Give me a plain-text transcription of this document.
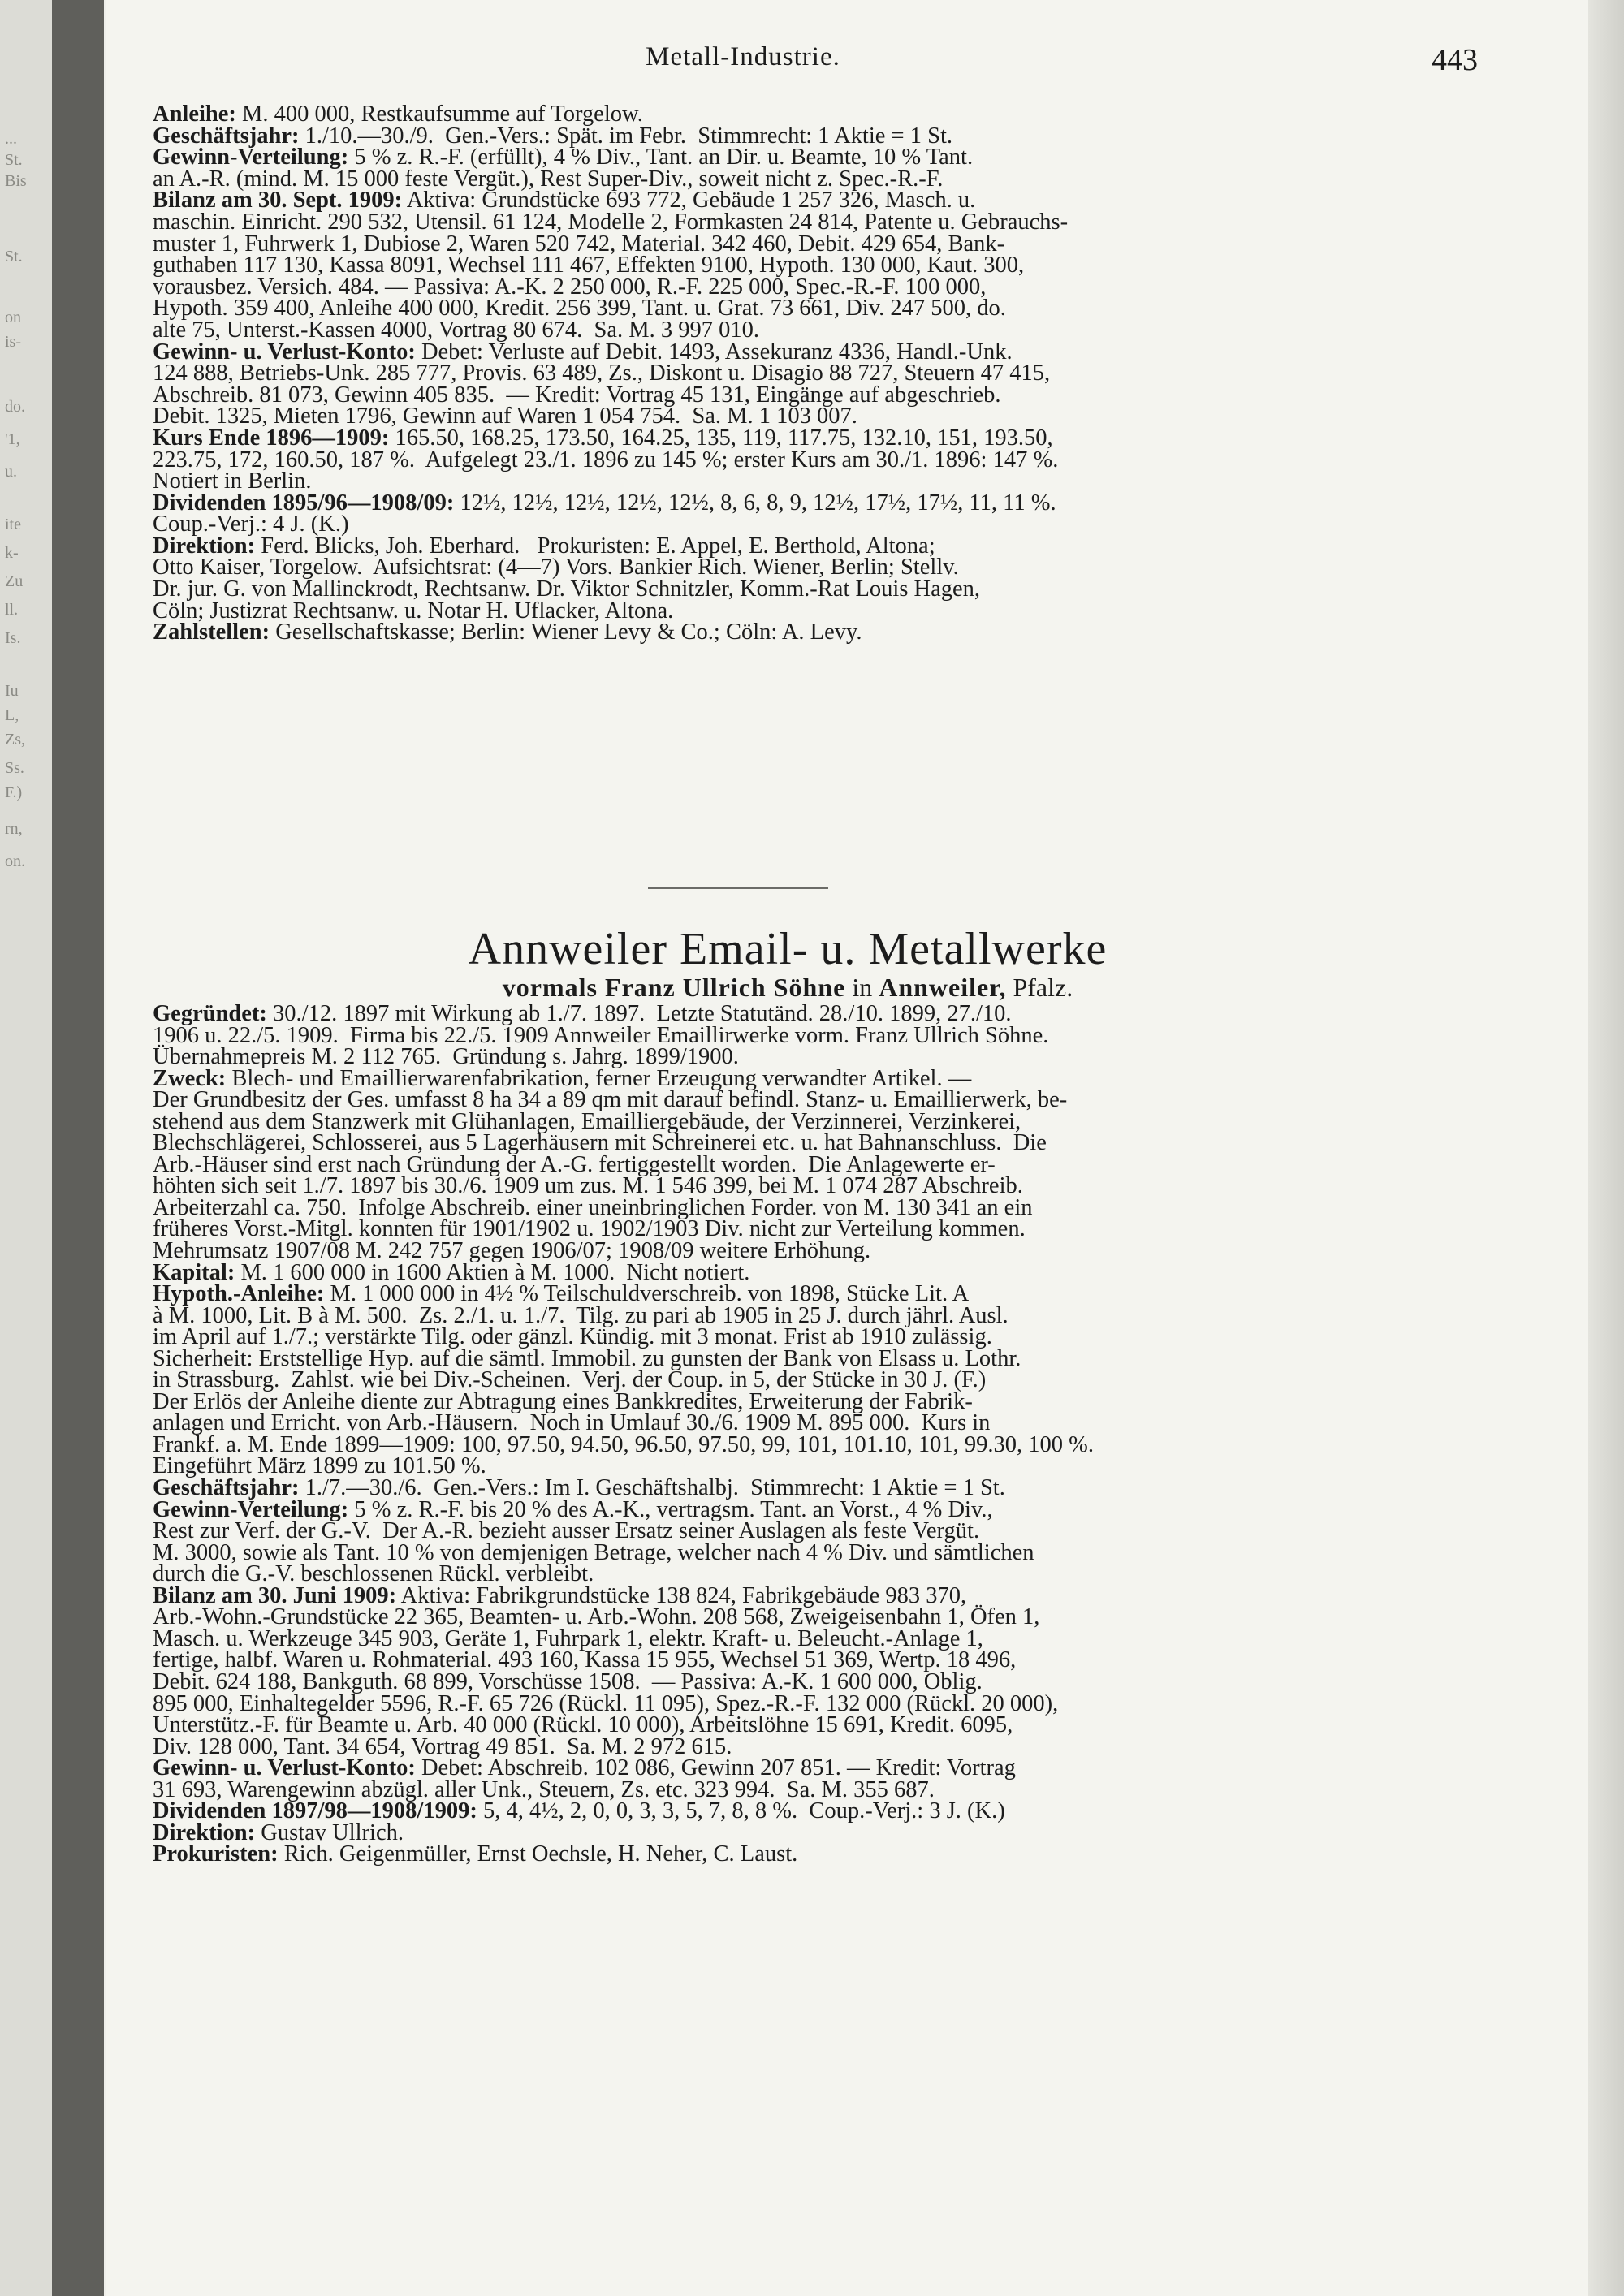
...
St.
Bis
St.
on
is-
do.
'1,
u.
ite
k-
Zu
ll.
Is.
Iu
L,
Zs,
Ss.
F.)
rn,
on.
Metall-Industrie.	443
Anleihe: M. 400 000, Restkaufsumme auf Torgelow.
Geschäftsjahr: 1./10.—30./9.  Gen.-Vers.: Spät. im Febr.  Stimmrecht: 1 Aktie = 1 St.
Gewinn-Verteilung: 5 % z. R.-F. (erfüllt), 4 % Div., Tant. an Dir. u. Beamte, 10 % Tant.
an A.-R. (mind. M. 15 000 feste Vergüt.), Rest Super-Div., soweit nicht z. Spec.-R.-F.
Bilanz am 30. Sept. 1909: Aktiva: Grundstücke 693 772, Gebäude 1 257 326, Masch. u.
maschin. Einricht. 290 532, Utensil. 61 124, Modelle 2, Formkasten 24 814, Patente u. Gebrauchs-
muster 1, Fuhrwerk 1, Dubiose 2, Waren 520 742, Material. 342 460, Debit. 429 654, Bank-
guthaben 117 130, Kassa 8091, Wechsel 111 467, Effekten 9100, Hypoth. 130 000, Kaut. 300,
vorausbez. Versich. 484. — Passiva: A.-K. 2 250 000, R.-F. 225 000, Spec.-R.-F. 100 000,
Hypoth. 359 400, Anleihe 400 000, Kredit. 256 399, Tant. u. Grat. 73 661, Div. 247 500, do.
alte 75, Unterst.-Kassen 4000, Vortrag 80 674.  Sa. M. 3 997 010.
Gewinn- u. Verlust-Konto: Debet: Verluste auf Debit. 1493, Assekuranz 4336, Handl.-Unk.
124 888, Betriebs-Unk. 285 777, Provis. 63 489, Zs., Diskont u. Disagio 88 727, Steuern 47 415,
Abschreib. 81 073, Gewinn 405 835.  — Kredit: Vortrag 45 131, Eingänge auf abgeschrieb.
Debit. 1325, Mieten 1796, Gewinn auf Waren 1 054 754.  Sa. M. 1 103 007.
Kurs Ende 1896—1909: 165.50, 168.25, 173.50, 164.25, 135, 119, 117.75, 132.10, 151, 193.50,
223.75, 172, 160.50, 187 %.  Aufgelegt 23./1. 1896 zu 145 %; erster Kurs am 30./1. 1896: 147 %.
Notiert in Berlin.
Dividenden 1895/96—1908/09: 12½, 12½, 12½, 12½, 12½, 8, 6, 8, 9, 12½, 17½, 17½, 11, 11 %.
Coup.-Verj.: 4 J. (K.)
Direktion: Ferd. Blicks, Joh. Eberhard.   Prokuristen: E. Appel, E. Berthold, Altona;
Otto Kaiser, Torgelow.  Aufsichtsrat: (4—7) Vors. Bankier Rich. Wiener, Berlin; Stellv.
Dr. jur. G. von Mallinckrodt, Rechtsanw. Dr. Viktor Schnitzler, Komm.-Rat Louis Hagen,
Cöln; Justizrat Rechtsanw. u. Notar H. Uflacker, Altona.
Zahlstellen: Gesellschaftskasse; Berlin: Wiener Levy & Co.; Cöln: A. Levy.
Annweiler Email- u. Metallwerke
vormals Franz Ullrich Söhne in Annweiler, Pfalz.
Gegründet: 30./12. 1897 mit Wirkung ab 1./7. 1897.  Letzte Statutänd. 28./10. 1899, 27./10.
1906 u. 22./5. 1909.  Firma bis 22./5. 1909 Annweiler Emaillirwerke vorm. Franz Ullrich Söhne.
Übernahmepreis M. 2 112 765.  Gründung s. Jahrg. 1899/1900.
Zweck: Blech- und Emaillierwarenfabrikation, ferner Erzeugung verwandter Artikel. —
Der Grundbesitz der Ges. umfasst 8 ha 34 a 89 qm mit darauf befindl. Stanz- u. Emaillierwerk, be-
stehend aus dem Stanzwerk mit Glühanlagen, Emailliergebäude, der Verzinnerei, Verzinkerei,
Blechschlägerei, Schlosserei, aus 5 Lagerhäusern mit Schreinerei etc. u. hat Bahnanschluss.  Die
Arb.-Häuser sind erst nach Gründung der A.-G. fertiggestellt worden.  Die Anlagewerte er-
höhten sich seit 1./7. 1897 bis 30./6. 1909 um zus. M. 1 546 399, bei M. 1 074 287 Abschreib.
Arbeiterzahl ca. 750.  Infolge Abschreib. einer uneinbringlichen Forder. von M. 130 341 an ein
früheres Vorst.-Mitgl. konnten für 1901/1902 u. 1902/1903 Div. nicht zur Verteilung kommen.
Mehrumsatz 1907/08 M. 242 757 gegen 1906/07; 1908/09 weitere Erhöhung.
Kapital: M. 1 600 000 in 1600 Aktien à M. 1000.  Nicht notiert.
Hypoth.-Anleihe: M. 1 000 000 in 4½ % Teilschuldverschreib. von 1898, Stücke Lit. A
à M. 1000, Lit. B à M. 500.  Zs. 2./1. u. 1./7.  Tilg. zu pari ab 1905 in 25 J. durch jährl. Ausl.
im April auf 1./7.; verstärkte Tilg. oder gänzl. Kündig. mit 3 monat. Frist ab 1910 zulässig.
Sicherheit: Erststellige Hyp. auf die sämtl. Immobil. zu gunsten der Bank von Elsass u. Lothr.
in Strassburg.  Zahlst. wie bei Div.-Scheinen.  Verj. der Coup. in 5, der Stücke in 30 J. (F.)
Der Erlös der Anleihe diente zur Abtragung eines Bankkredites, Erweiterung der Fabrik-
anlagen und Erricht. von Arb.-Häusern.  Noch in Umlauf 30./6. 1909 M. 895 000.  Kurs in
Frankf. a. M. Ende 1899—1909: 100, 97.50, 94.50, 96.50, 97.50, 99, 101, 101.10, 101, 99.30, 100 %.
Eingeführt März 1899 zu 101.50 %.
Geschäftsjahr: 1./7.—30./6.  Gen.-Vers.: Im I. Geschäftshalbj.  Stimmrecht: 1 Aktie = 1 St.
Gewinn-Verteilung: 5 % z. R.-F. bis 20 % des A.-K., vertragsm. Tant. an Vorst., 4 % Div.,
Rest zur Verf. der G.-V.  Der A.-R. bezieht ausser Ersatz seiner Auslagen als feste Vergüt.
M. 3000, sowie als Tant. 10 % von demjenigen Betrage, welcher nach 4 % Div. und sämtlichen
durch die G.-V. beschlossenen Rückl. verbleibt.
Bilanz am 30. Juni 1909: Aktiva: Fabrikgrundstücke 138 824, Fabrikgebäude 983 370,
Arb.-Wohn.-Grundstücke 22 365, Beamten- u. Arb.-Wohn. 208 568, Zweigeisenbahn 1, Öfen 1,
Masch. u. Werkzeuge 345 903, Geräte 1, Fuhrpark 1, elektr. Kraft- u. Beleucht.-Anlage 1,
fertige, halbf. Waren u. Rohmaterial. 493 160, Kassa 15 955, Wechsel 51 369, Wertp. 18 496,
Debit. 624 188, Bankguth. 68 899, Vorschüsse 1508.  — Passiva: A.-K. 1 600 000, Oblig.
895 000, Einhaltegelder 5596, R.-F. 65 726 (Rückl. 11 095), Spez.-R.-F. 132 000 (Rückl. 20 000),
Unterstütz.-F. für Beamte u. Arb. 40 000 (Rückl. 10 000), Arbeitslöhne 15 691, Kredit. 6095,
Div. 128 000, Tant. 34 654, Vortrag 49 851.  Sa. M. 2 972 615.
Gewinn- u. Verlust-Konto: Debet: Abschreib. 102 086, Gewinn 207 851. — Kredit: Vortrag
31 693, Warengewinn abzügl. aller Unk., Steuern, Zs. etc. 323 994.  Sa. M. 355 687.
Dividenden 1897/98—1908/1909: 5, 4, 4½, 2, 0, 0, 3, 3, 5, 7, 8, 8 %.  Coup.-Verj.: 3 J. (K.)
Direktion: Gustav Ullrich.
Prokuristen: Rich. Geigenmüller, Ernst Oechsle, H. Neher, C. Laust.
